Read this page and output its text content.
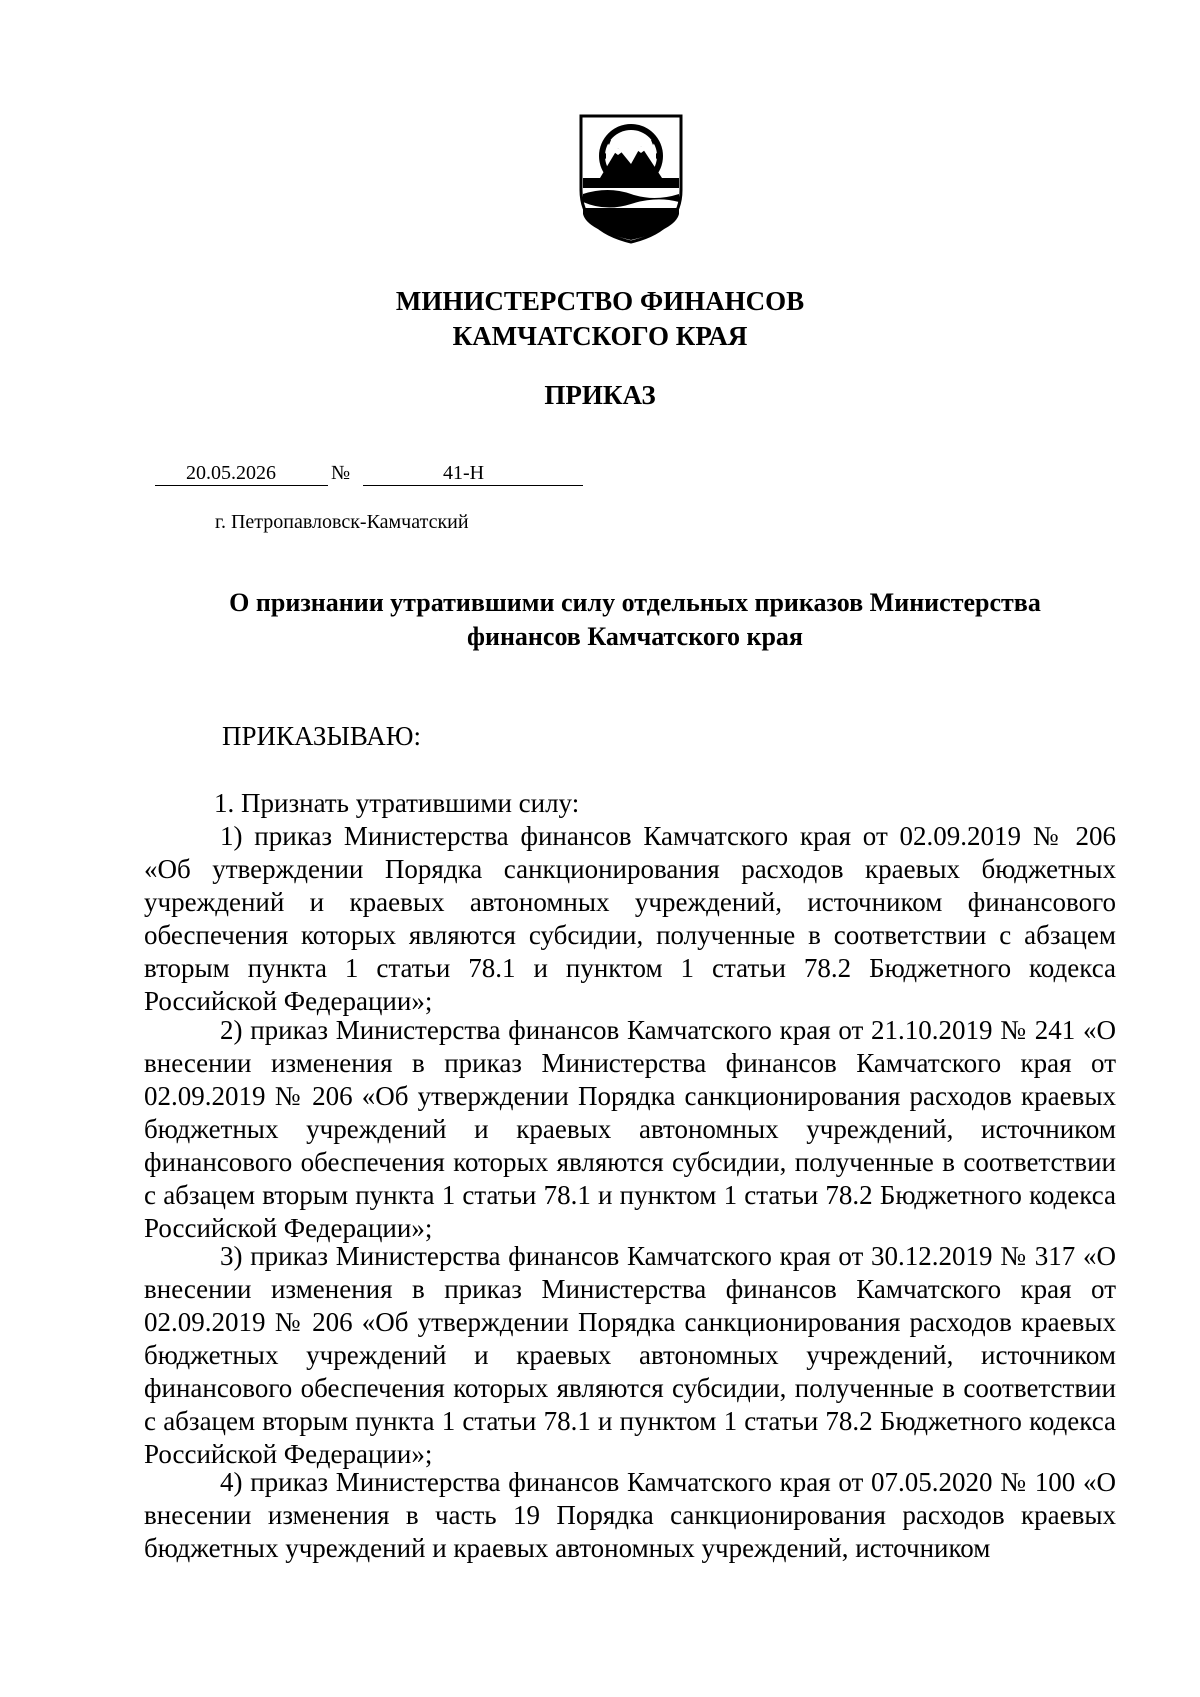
МИНИСТЕРСТВО ФИНАНСОВ
КАМЧАТСКОГО КРАЯ
ПРИКАЗ
20.05.2026	№	41-Н
г. Петропавловск-Камчатский
О признании утратившими силу отдельных приказов Министерства финансов Камчатского края
ПРИКАЗЫВАЮ:
1. Признать утратившими силу:
1) приказ Министерства финансов Камчатского края от 02.09.2019 № 206 «Об утверждении Порядка санкционирования расходов краевых бюджетных учреждений и краевых автономных учреждений, источником финансового обеспечения которых являются субсидии, полученные в соответствии с абзацем вторым пункта 1 статьи 78.1 и пунктом 1 статьи 78.2 Бюджетного кодекса Российской Федерации»;
2) приказ Министерства финансов Камчатского края от 21.10.2019 № 241 «О внесении изменения в приказ Министерства финансов Камчатского края от 02.09.2019 № 206 «Об утверждении Порядка санкционирования расходов краевых бюджетных учреждений и краевых автономных учреждений, источником финансового обеспечения которых являются субсидии, полученные в соответствии с абзацем вторым пункта 1 статьи 78.1 и пунктом 1 статьи 78.2 Бюджетного кодекса Российской Федерации»;
3) приказ Министерства финансов Камчатского края от 30.12.2019 № 317 «О внесении изменения в приказ Министерства финансов Камчатского края от 02.09.2019 № 206 «Об утверждении Порядка санкционирования расходов краевых бюджетных учреждений и краевых автономных учреждений, источником финансового обеспечения которых являются субсидии, полученные в соответствии с абзацем вторым пункта 1 статьи 78.1 и пунктом 1 статьи 78.2 Бюджетного кодекса Российской Федерации»;
4) приказ Министерства финансов Камчатского края от 07.05.2020 № 100 «О внесении изменения в часть 19 Порядка санкционирования расходов краевых бюджетных учреждений и краевых автономных учреждений, источником
